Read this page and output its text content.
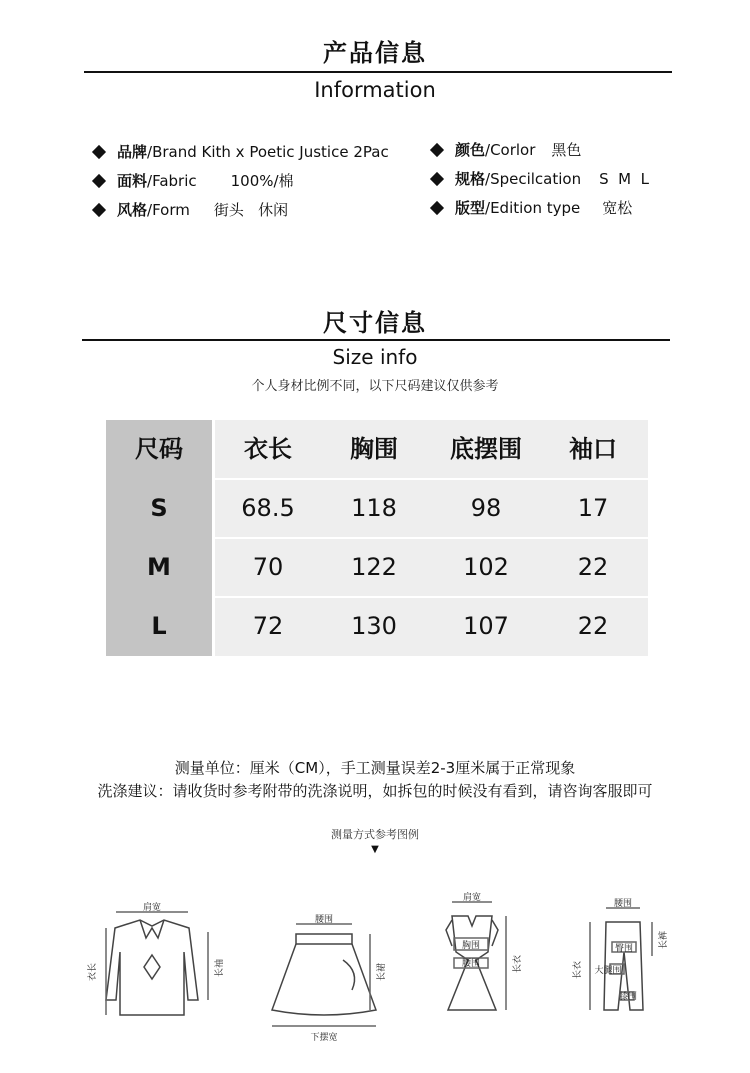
产品信息
Information
品牌 /Brand Kith x Poetic Justice 2Pac
面料 /Fabric 100%/棉
风格 /Form 街头   休闲
颜色 /Corlor 黑色
规格 /Specilcation S  M  L
版型 /Edition type 宽松
尺寸信息
Size info
个人身材比例不同，以下尺码建议仅供参考
尺码	衣长	胸围	底摆围	袖口
S	68.5	118	98	17
M	70	122	102	22
L	72	130	107	22
测量单位：厘米（CM），手工测量误差2-3厘米属于正常现象
洗涤建议：请收货时参考附带的洗涤说明，如拆包的时候没有看到，请咨询客服即可
测量方式参考图例
▼
肩宽
衣长	长袖
腰围
长裙
下摆宽
肩宽
胸围
腰围	长衣
腰围
长衣
长裤
臀围
大腿围
膝围
